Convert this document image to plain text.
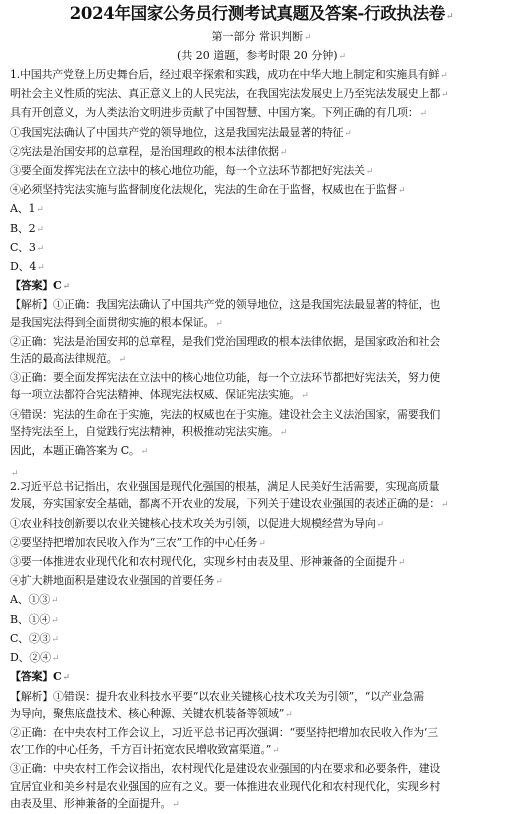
2024年国家公务员行测考试真题及答案-行政执法卷↵
第一部分 常识判断↵
(共 20 道题，参考时限 20 分钟)↵
1.中国共产党登上历史舞台后，经过艰辛探索和实践，成功在中华大地上制定和实施具有鲜↵
明社会主义性质的宪法、真正意义上的人民宪法，在我国宪法发展史上乃至宪法发展史上都↵
具有开创意义，为人类法治文明进步贡献了中国智慧、中国方案。下列正确的有几项：↵
①我国宪法确认了中国共产党的领导地位，这是我国宪法最显著的特征↵
②宪法是治国安邦的总章程，是治国理政的根本法律依据↵
③要全面发挥宪法在立法中的核心地位功能，每一个立法环节都把好宪法关↵
④必须坚持宪法实施与监督制度化法规化，宪法的生命在于监督，权威也在于监督↵
A、1↵
B、2↵
C、3↵
D、4↵
【答案】C↵
【解析】①正确：我国宪法确认了中国共产党的领导地位，这是我国宪法最显著的特征，也
是我国宪法得到全面贯彻实施的根本保证。↵
②正确：宪法是治国安邦的总章程，是我们党治国理政的根本法律依据，是国家政治和社会
生活的最高法律规范。↵
③正确：要全面发挥宪法在立法中的核心地位功能，每一个立法环节都把好宪法关，努力使
每一项立法都符合宪法精神、体现宪法权威、保证宪法实施。↵
④错误：宪法的生命在于实施，宪法的权威也在于实施。建设社会主义法治国家，需要我们
坚持宪法至上，自觉践行宪法精神，积极推动宪法实施。↵
因此，本题正确答案为 C。↵
↵
2.习近平总书记指出，农业强国是现代化强国的根基，满足人民美好生活需要，实现高质量
发展，夯实国家安全基础，都离不开农业的发展，下列关于建设农业强国的表述正确的是：↵
①农业科技创新要以农业关键核心技术攻关为引领，以促进大规模经营为导向↵
②要坚持把增加农民收入作为“三农”工作的中心任务↵
③要一体推进农业现代化和农村现代化，实现乡村由表及里、形神兼备的全面提升↵
④扩大耕地面积是建设农业强国的首要任务↵
A、①③↵
B、①④↵
C、②③↵
D、②④↵
【答案】C↵
【解析】①错误：提升农业科技水平要“以农业关键核心技术攻关为引领”，“以产业急需
为导向，聚焦底盘技术、核心种源、关键农机装备等领域”↵
②正确：在中央农村工作会议上，习近平总书记再次强调：“要坚持把增加农民收入作为‘三
农’工作的中心任务，千方百计拓宽农民增收致富渠道。”↵
③正确：中央农村工作会议指出，农村现代化是建设农业强国的内在要求和必要条件，建设
宜居宜业和美乡村是农业强国的应有之义。要一体推进农业现代化和农村现代化，实现乡村
由表及里、形神兼备的全面提升。↵
